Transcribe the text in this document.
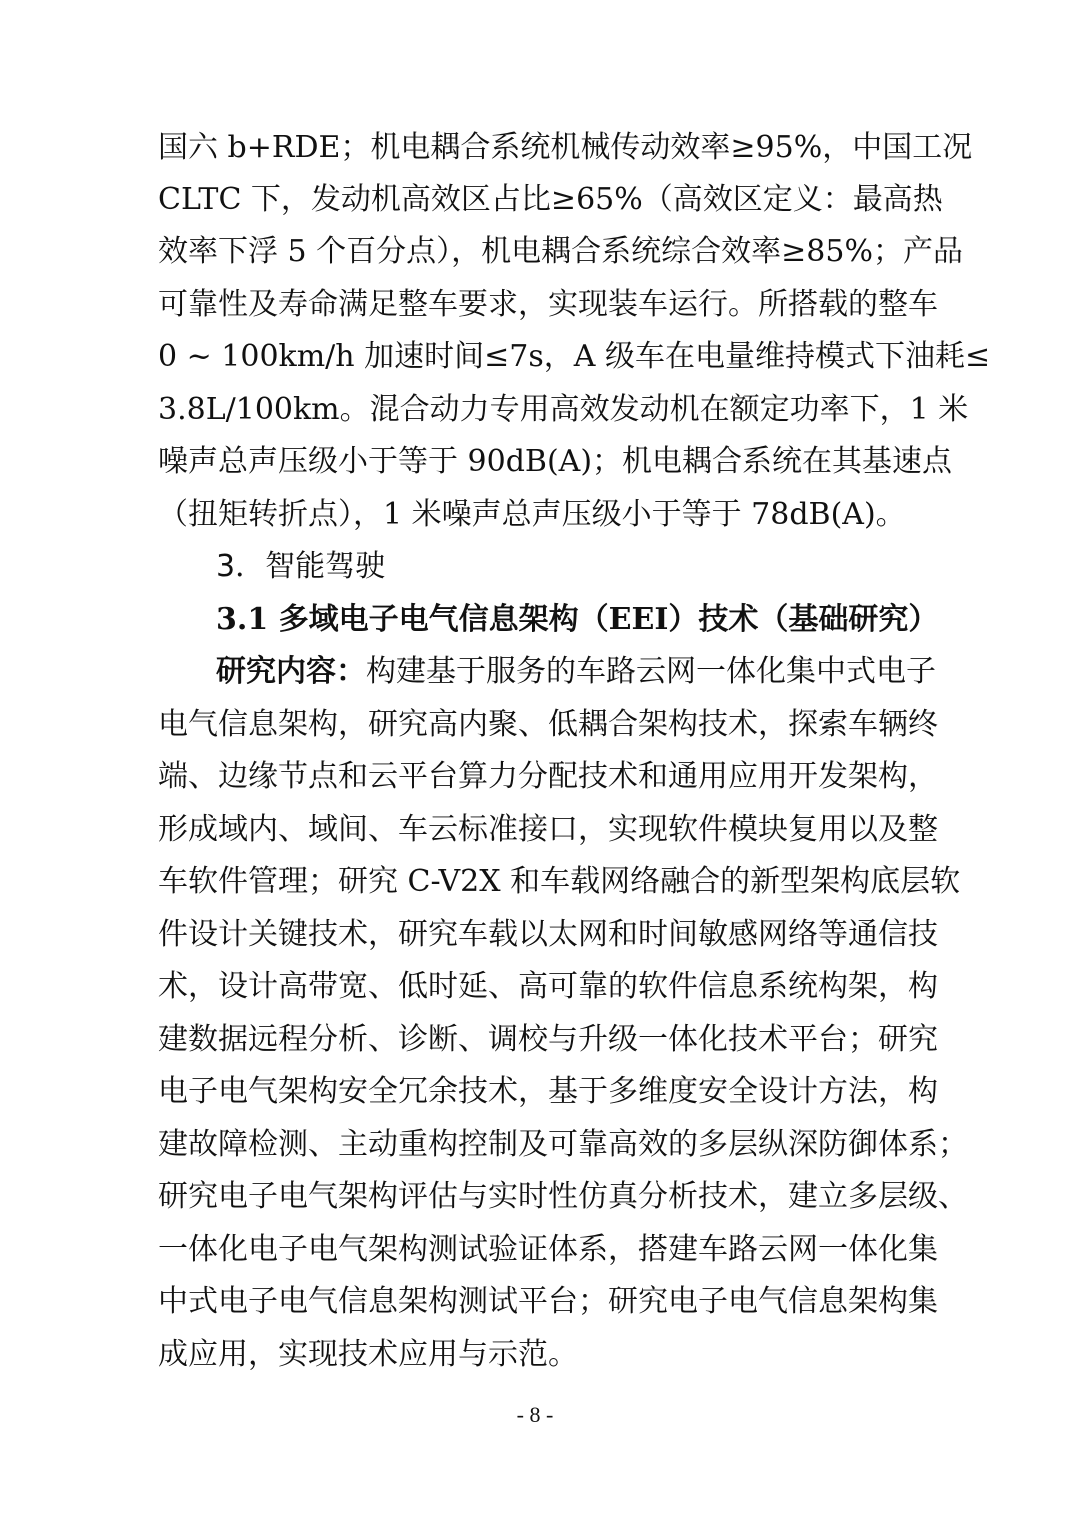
国六 b+RDE；机电耦合系统机械传动效率≥95%，中国工况
CLTC 下，发动机高效区占比≥65%（高效区定义：最高热
效率下浮 5 个百分点），机电耦合系统综合效率≥85%；产品
可靠性及寿命满足整车要求，实现装车运行。所搭载的整车
0 ~ 100km/h 加速时间≤7s，A 级车在电量维持模式下油耗≤
3.8L/100km。混合动力专用高效发动机在额定功率下，1 米
噪声总声压级小于等于 90dB(A)；机电耦合系统在其基速点
（扭矩转折点），1 米噪声总声压级小于等于 78dB(A)。
3．智能驾驶
3.1 多域电子电气信息架构（EEI）技术（基础研究）
研究内容：构建基于服务的车路云网一体化集中式电子
电气信息架构，研究高内聚、低耦合架构技术，探索车辆终
端、边缘节点和云平台算力分配技术和通用应用开发架构，
形成域内、域间、车云标准接口，实现软件模块复用以及整
车软件管理；研究 C-V2X 和车载网络融合的新型架构底层软
件设计关键技术，研究车载以太网和时间敏感网络等通信技
术，设计高带宽、低时延、高可靠的软件信息系统构架，构
建数据远程分析、诊断、调校与升级一体化技术平台；研究
电子电气架构安全冗余技术，基于多维度安全设计方法，构
建故障检测、主动重构控制及可靠高效的多层纵深防御体系；
研究电子电气架构评估与实时性仿真分析技术，建立多层级、
一体化电子电气架构测试验证体系，搭建车路云网一体化集
中式电子电气信息架构测试平台；研究电子电气信息架构集
成应用，实现技术应用与示范。
- 8 -
